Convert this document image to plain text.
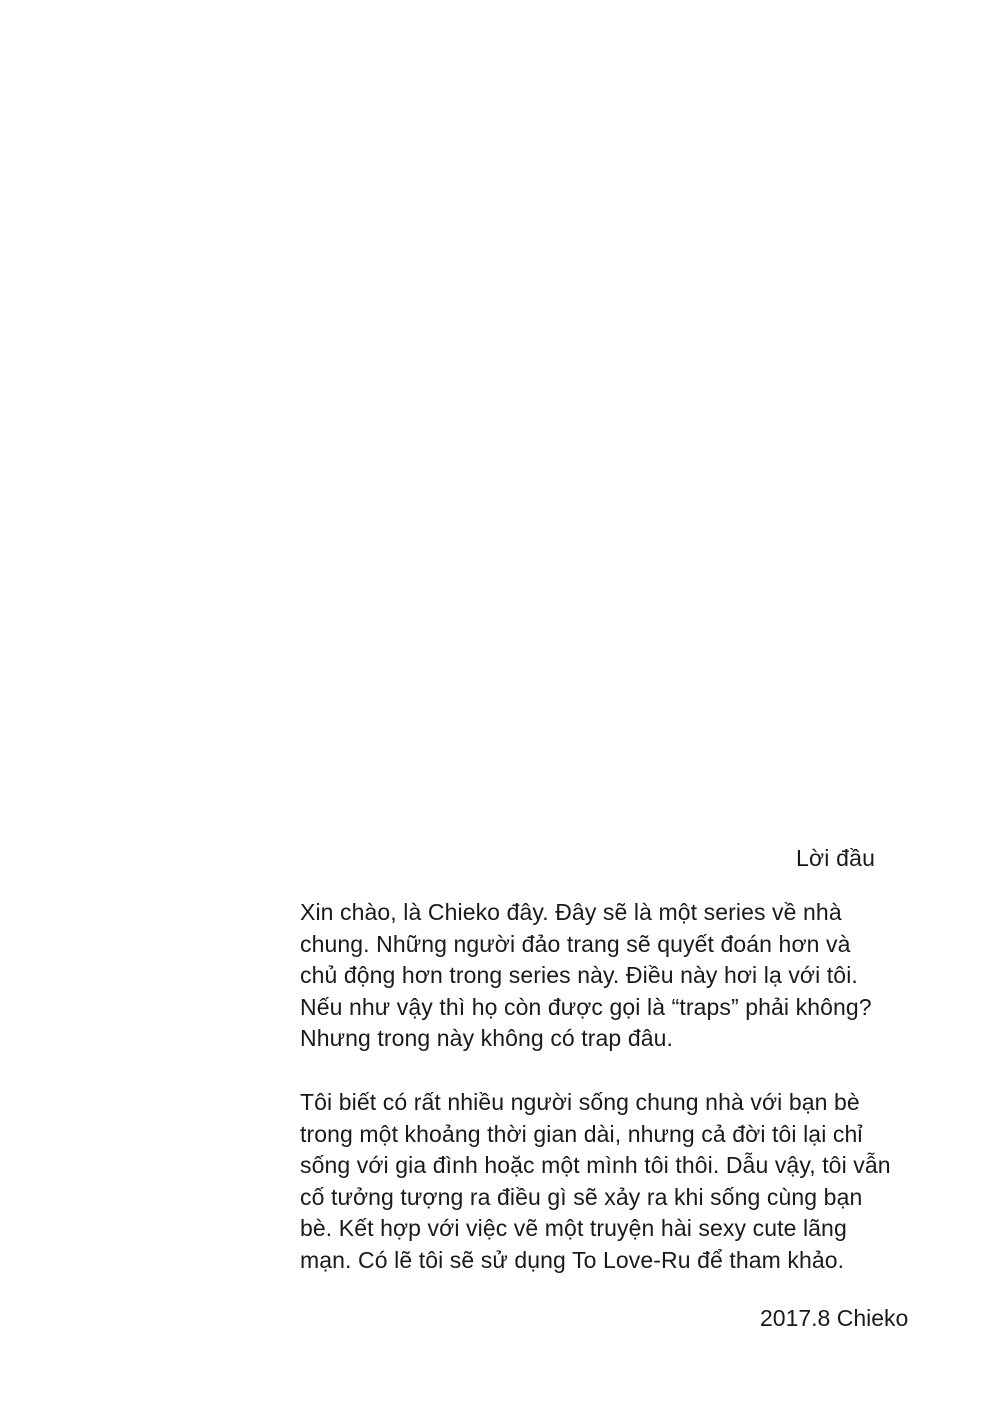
Lời đầu
Xin chào, là Chieko đây. Đây sẽ là một series về nhà
chung. Những người đảo trang sẽ quyết đoán hơn và
chủ động hơn trong series này. Điều này hơi lạ với tôi.
Nếu như vậy thì họ còn được gọi là “traps” phải không?
Nhưng trong này không có trap đâu.
Tôi biết có rất nhiều người sống chung nhà với bạn bè
trong một khoảng thời gian dài, nhưng cả đời tôi lại chỉ
sống với gia đình hoặc một mình tôi thôi. Dẫu vậy, tôi vẫn
cố tưởng tượng ra điều gì sẽ xảy ra khi sống cùng bạn
bè. Kết hợp với việc vẽ một truyện hài sexy cute lãng
mạn. Có lẽ tôi sẽ sử dụng To Love-Ru để tham khảo.
2017.8 Chieko
